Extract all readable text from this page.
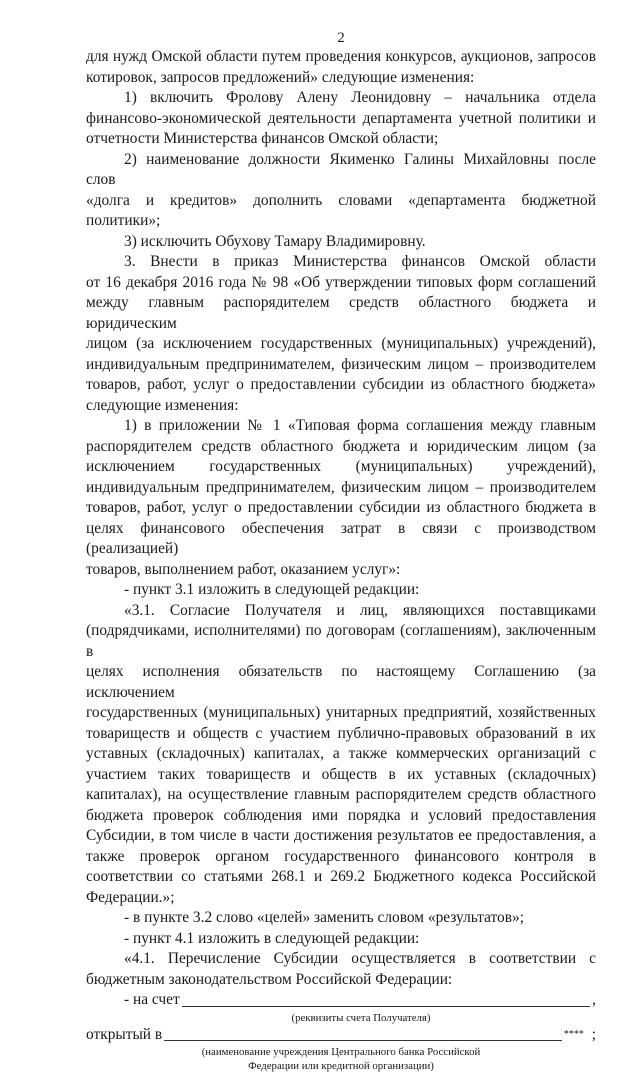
2

для нужд Омской области путем проведения конкурсов, аукционов, запросов

котировок, запросов предложений» следующие изменения:

1) включить Фролову Алену Леонидовну – начальника отдела

финансово-экономической деятельности департамента учетной политики и

отчетности Министерства финансов Омской области;

2) наименование должности Якименко Галины Михайловны после слов

«долга и кредитов» дополнить словами «департамента бюджетной политики»;

3) исключить Обухову Тамару Владимировну.

3. Внести в приказ Министерства финансов Омской области

от 16 декабря 2016 года № 98 «Об утверждении типовых форм соглашений

между главным распорядителем средств областного бюджета и юридическим

лицом (за исключением государственных (муниципальных) учреждений),

индивидуальным предпринимателем, физическим лицом – производителем

товаров, работ, услуг о предоставлении субсидии из областного бюджета»

следующие изменения:

1) в приложении № 1 «Типовая форма соглашения между главным

распорядителем средств областного бюджета и юридическим лицом (за

исключением государственных (муниципальных) учреждений),

индивидуальным предпринимателем, физическим лицом – производителем

товаров, работ, услуг о предоставлении субсидии из областного бюджета в

целях финансового обеспечения затрат в связи с производством (реализацией)

товаров, выполнением работ, оказанием услуг»:

- пункт 3.1 изложить в следующей редакции:

«3.1. Согласие Получателя и лиц, являющихся поставщиками

(подрядчиками, исполнителями) по договорам (соглашениям), заключенным в

целях исполнения обязательств по настоящему Соглашению (за исключением

государственных (муниципальных) унитарных предприятий, хозяйственных

товариществ и обществ с участием публично-правовых образований в их

уставных (складочных) капиталах, а также коммерческих организаций с

участием таких товариществ и обществ в их уставных (складочных)

капиталах), на осуществление главным распорядителем средств областного

бюджета проверок соблюдения ими порядка и условий предоставления

Субсидии, в том числе в части достижения результатов ее предоставления, а

также проверок органом государственного финансового контроля в

соответствии со статьями 268.1 и 269.2 Бюджетного кодекса Российской

Федерации.»;

- в пункте 3.2 слово «целей» заменить словом «результатов»;

- пункт 4.1 изложить в следующей редакции:

«4.1. Перечисление Субсидии осуществляется в соответствии с

бюджетным законодательством Российской Федерации:

- на счет	,

(реквизиты счета Получателя)

открытый в	**** ;

(наименование учреждения Центрального банка Российской

Федерации или кредитной организации)
